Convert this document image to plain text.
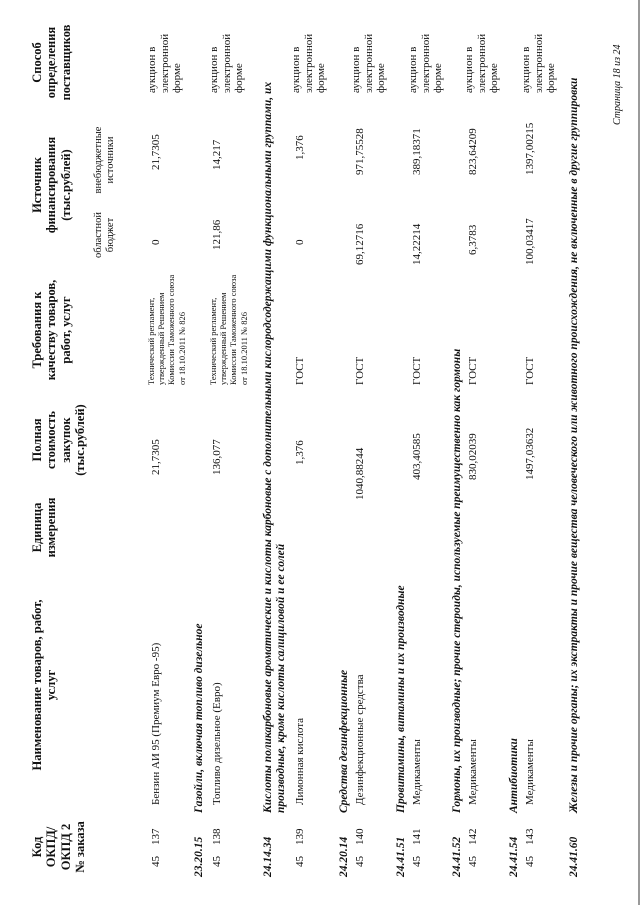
Код ОКПД/ ОКПД 2 № заказа
Наименование товаров, работ, услуг
Единица измерения
Полная стоимость закупок (тыс.рублей)
Требования к качеству товаров, работ, услуг
Источник финансирования (тыс.рублей)
областной бюджет
внебюджетные источники
Способ определения поставщиков
45
137
Бензин АИ 95 (Премиум Евро -95)
21,7305
Технический регламент, утвержденный Решением Комиссии Таможенного союза от 18.10.2011 № 826
0
21,7305
аукцион в электронной форме
23.20.15
Газойли, включая топливо дизельное
45
138
Топливо дизельное (Евро)
136,077
Технический регламент, утвержденный Решением Комиссии Таможенного союза от 18.10.2011 № 826
121,86
14,217
аукцион в электронной форме
24.14.34
Кислоты поликарбоновые ароматические и кислоты карбоновые с дополнительными кислородсодержащими функциональными группами, их производные, кроме кислоты салициловой и ее солей
45
139
Лимонная кислота
1,376
ГОСТ
0
1,376
аукцион в электронной форме
24.20.14
Средства дезинфекционные
45
140
Дезинфекционные средства
1040,88244
ГОСТ
69,12716
971,75528
аукцион в электронной форме
24.41.51
Провитамины, витамины и их производные
45
141
Медикаменты
403,40585
ГОСТ
14,22214
389,18371
аукцион в электронной форме
24.41.52
Гормоны, их производные; прочие стероиды, используемые преимущественно как гормоны
45
142
Медикаменты
830,02039
ГОСТ
6,3783
823,64209
аукцион в электронной форме
24.41.54
Антибиотики
45
143
Медикаменты
1497,03632
ГОСТ
100,03417
1397,00215
аукцион в электронной форме
24.41.60
Железы и прочие органы; их экстракты и прочие вещества человеческого или животного происхождения, не включенные в другие группировки	Страница 18 из 24
